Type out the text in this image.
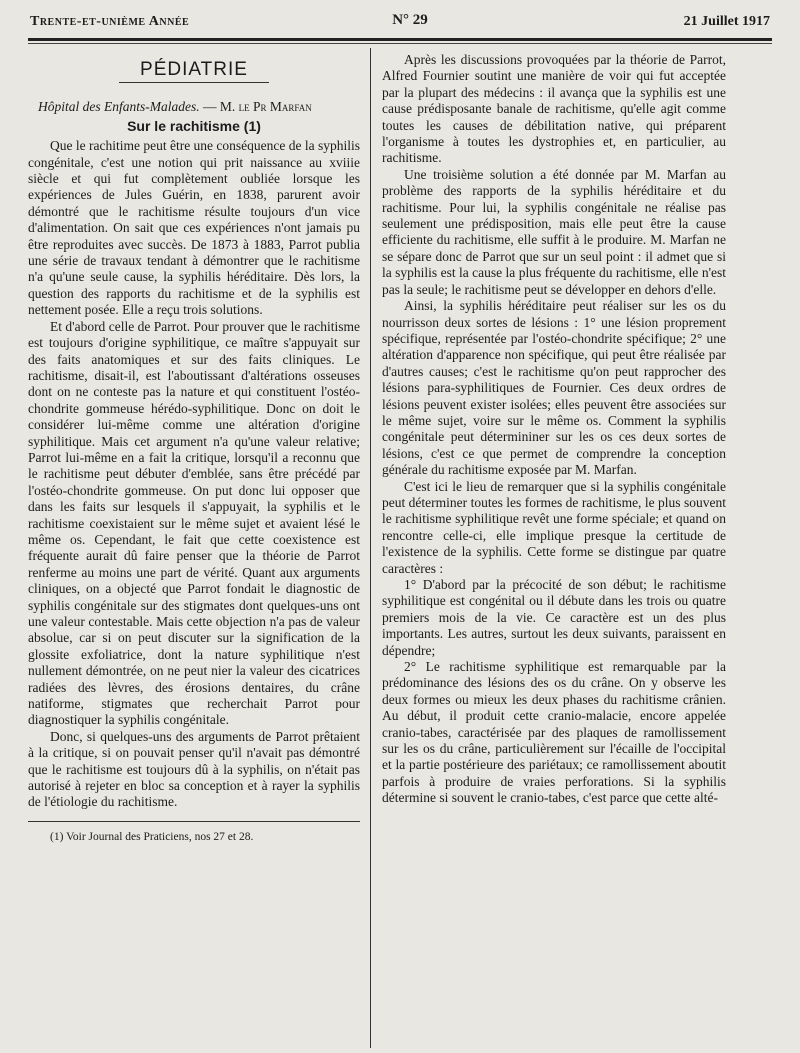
Trente-et-unième Année	N° 29	21 Juillet 1917
PÉDIATRIE
Hôpital des Enfants-Malades. — M. le Pr Marfan
Sur le rachitisme (1)

Que le rachitime peut être une conséquence de la syphilis congénitale, c'est une notion qui prit naissance au xviiie siècle et qui fut complètement oubliée lorsque les expériences de Jules Guérin, en 1838, parurent avoir démontré que le rachitisme résulte toujours d'un vice d'alimentation. On sait que ces expériences n'ont jamais pu être reproduites avec succès. De 1873 à 1883, Parrot publia une série de travaux tendant à démontrer que le rachitisme n'a qu'une seule cause, la syphilis héréditaire. Dès lors, la question des rapports du rachitisme et de la syphilis est nettement posée. Elle a reçu trois solutions.

Et d'abord celle de Parrot. Pour prouver que le rachitisme est toujours d'origine syphilitique, ce maître s'appuyait sur des faits anatomiques et sur des faits cliniques. Le rachitisme, disait-il, est l'aboutissant d'altérations osseuses dont on ne conteste pas la nature et qui constituent l'ostéo-chondrite gommeuse hérédo-syphilitique. Donc on doit le considérer lui-même comme une altération d'origine syphilitique. Mais cet argument n'a qu'une valeur relative; Parrot lui-même en a fait la critique, lorsqu'il a reconnu que le rachitisme peut débuter d'emblée, sans être précédé par l'ostéo-chondrite gommeuse. On put donc lui opposer que dans les faits sur lesquels il s'appuyait, la syphilis et le rachitisme coexistaient sur le même sujet et avaient lésé le même os. Cependant, le fait que cette coexistence est fréquente aurait dû faire penser que la théorie de Parrot renferme au moins une part de vérité. Quant aux arguments cliniques, on a objecté que Parrot fondait le diagnostic de syphilis congénitale sur des stigmates dont quelques-uns ont une valeur contestable. Mais cette objection n'a pas de valeur absolue, car si on peut discuter sur la signification de la glossite exfoliatrice, dont la nature syphilitique n'est nullement démontrée, on ne peut nier la valeur des cicatrices radiées des lèvres, des érosions dentaires, du crâne natiforme, stigmates que recherchait Parrot pour diagnostiquer la syphilis congénitale.

Donc, si quelques-uns des arguments de Parrot prêtaient à la critique, si on pouvait penser qu'il n'avait pas démontré que le rachitisme est toujours dû à la syphilis, on n'était pas autorisé à rejeter en bloc sa conception et à rayer la syphilis de l'étiologie du rachitisme.

(1) Voir Journal des Praticiens, nos 27 et 28.

Après les discussions provoquées par la théorie de Parrot, Alfred Fournier soutint une manière de voir qui fut acceptée par la plupart des médecins : il avança que la syphilis est une cause prédisposante banale de rachitisme, qu'elle agit comme toutes les causes de débilitation native, qui préparent l'organisme à toutes les dystrophies et, en particulier, au rachitisme.

Une troisième solution a été donnée par M. Marfan au problème des rapports de la syphilis héréditaire et du rachitisme. Pour lui, la syphilis congénitale ne réalise pas seulement une prédisposition, mais elle peut être la cause efficiente du rachitisme, elle suffit à le produire. M. Marfan ne se sépare donc de Parrot que sur un seul point : il admet que si la syphilis est la cause la plus fréquente du rachitisme, elle n'est pas la seule; le rachitisme peut se développer en dehors d'elle.

Ainsi, la syphilis héréditaire peut réaliser sur les os du nourrisson deux sortes de lésions : 1° une lésion proprement spécifique, représentée par l'ostéo-chondrite spécifique; 2° une altération d'apparence non spécifique, qui peut être réalisée par d'autres causes; c'est le rachitisme qu'on peut rapprocher des lésions para-syphilitiques de Fournier. Ces deux ordres de lésions peuvent exister isolées; elles peuvent être associées sur le même sujet, voire sur le même os. Comment la syphilis congénitale peut détermininer sur les os ces deux sortes de lésions, c'est ce que permet de comprendre la conception générale du rachitisme exposée par M. Marfan.

C'est ici le lieu de remarquer que si la syphilis congénitale peut déterminer toutes les formes de rachitisme, le plus souvent le rachitisme syphilitique revêt une forme spéciale; et quand on rencontre celle-ci, elle implique presque la certitude de l'existence de la syphilis. Cette forme se distingue par quatre caractères :

1° D'abord par la précocité de son début; le rachitisme syphilitique est congénital ou il débute dans les trois ou quatre premiers mois de la vie. Ce caractère est un des plus importants. Les autres, surtout les deux suivants, paraissent en dépendre;

2° Le rachitisme syphilitique est remarquable par la prédominance des lésions des os du crâne. On y observe les deux formes ou mieux les deux phases du rachitisme crânien. Au début, il produit cette cranio-malacie, encore appelée cranio-tabes, caractérisée par des plaques de ramollissement sur les os du crâne, particulièrement sur l'écaille de l'occipital et la partie postérieure des pariétaux; ce ramollissement aboutit parfois à produire de vraies perforations. Si la syphilis détermine si souvent le cranio-tabes, c'est parce que cette alté-
